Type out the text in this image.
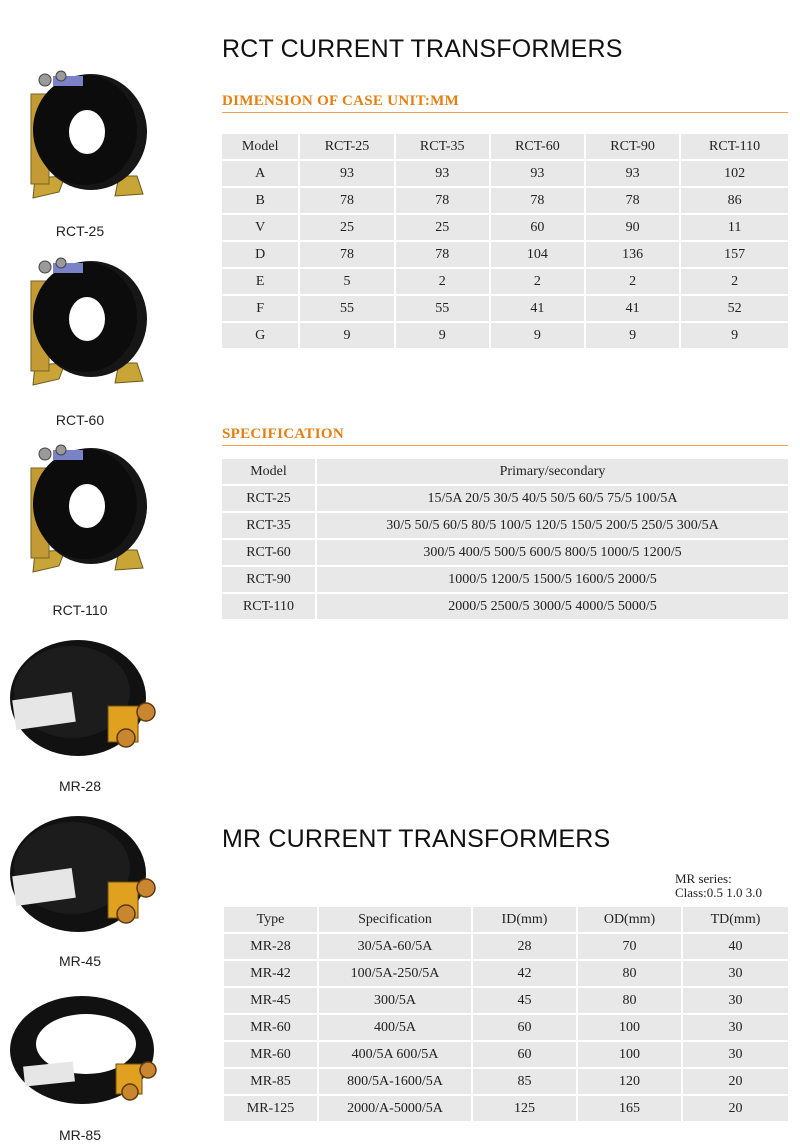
RCT-25
RCT-60
RCT-110
MR-28
MR-45
MR-85
RCT CURRENT TRANSFORMERS
DIMENSION OF CASE UNIT:MM
Model	RCT-25	RCT-35	RCT-60	RCT-90	RCT-110
A	93	93	93	93	102
B	78	78	78	78	86
V	25	25	60	90	11
D	78	78	104	136	157
E	5	2	2	2	2
F	55	55	41	41	52
G	9	9	9	9	9
SPECIFICATION
Model	Primary/secondary
RCT-25	15/5A 20/5 30/5 40/5 50/5 60/5 75/5 100/5A
RCT-35	30/5 50/5 60/5 80/5 100/5 120/5 150/5 200/5 250/5 300/5A
RCT-60	300/5 400/5 500/5 600/5 800/5 1000/5 1200/5
RCT-90	1000/5 1200/5 1500/5 1600/5 2000/5
RCT-110	2000/5 2500/5 3000/5 4000/5 5000/5
MR CURRENT TRANSFORMERS
MR series:
Class:0.5 1.0 3.0
Type	Specification	ID(mm)	OD(mm)	TD(mm)
MR-28	30/5A-60/5A	28	70	40
MR-42	100/5A-250/5A	42	80	30
MR-45	300/5A	45	80	30
MR-60	400/5A	60	100	30
MR-60	400/5A 600/5A	60	100	30
MR-85	800/5A-1600/5A	85	120	20
MR-125	2000/A-5000/5A	125	165	20
